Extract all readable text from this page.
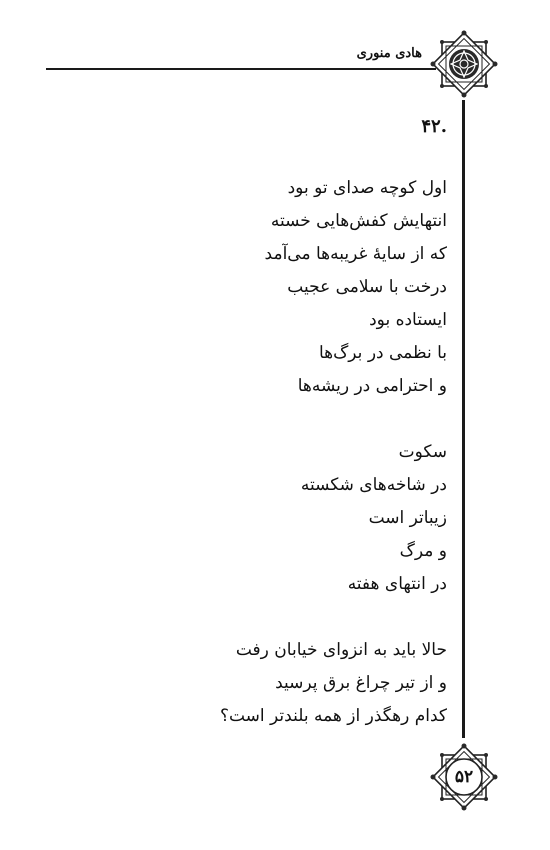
هادی منوری
.۴۲
اول کوچه صدای تو بود
انتهایش کفش‌هایی خسته
که از سایهٔ غریبه‌ها می‌آمد
درخت با سلامی عجیب
ایستاده بود
با نظمی در برگ‌ها
و احترامی در ریشه‌ها
سکوت
در شاخه‌های شکسته
زیباتر است
و مرگ
در انتهای هفته
حالا باید به انزوای خیابان رفت
و از تیر چراغ برق پرسید
کدام رهگذر از همه بلندتر است؟
۵۲
